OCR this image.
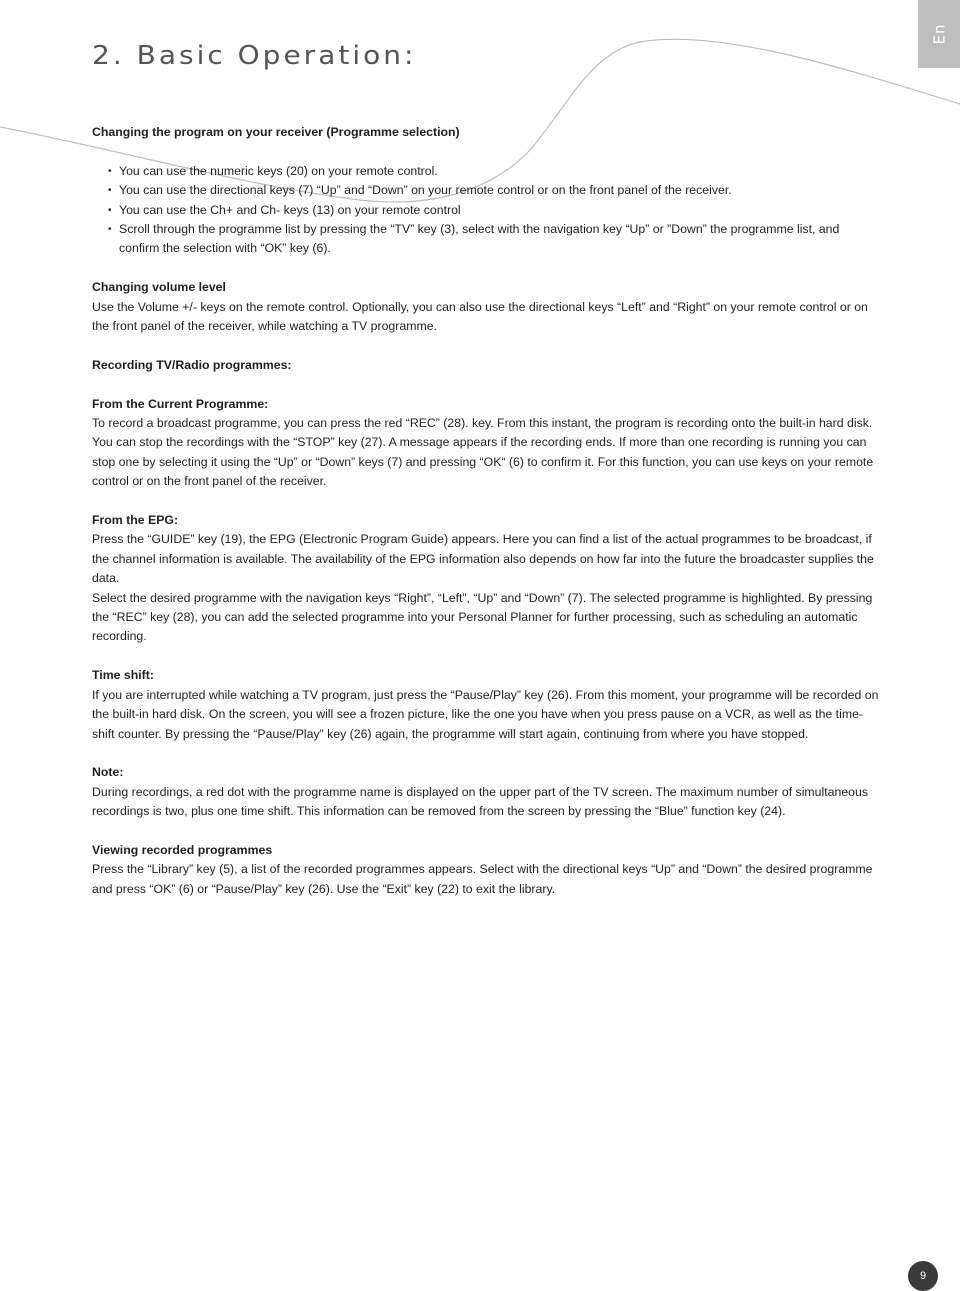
En
2. Basic Operation:

Changing the program on your receiver (Programme selection)

• You can use the numeric keys (20) on your remote control.
• You can use the directional keys (7) “Up” and “Down” on your remote control or on the front panel of the receiver.
• You can use the Ch+ and Ch- keys (13) on your remote control
• Scroll through the programme list by pressing the “TV” key (3), select with the navigation key “Up” or ”Down” the programme list, and confirm the selection with “OK” key (6).

Changing volume level

Use the Volume +/- keys on the remote control. Optionally, you can also use the directional keys “Left” and “Right” on your remote control or on the front panel of the receiver, while watching a TV programme.

Recording TV/Radio programmes:

From the Current Programme:

To record a broadcast programme, you can press the red “REC” (28). key. From this instant, the program is recording onto the built-in hard disk. You can stop the recordings with the “STOP” key (27). A message appears if the recording ends. If more than one recording is running you can stop one by selecting it using the “Up” or “Down” keys (7) and pressing “OK“ (6) to confirm it. For this function, you can use keys on your remote control or on the front panel of the receiver.

From the EPG:

Press the “GUIDE” key (19), the EPG (Electronic Program Guide) appears. Here you can find a list of the actual programmes to be broadcast, if the channel information is available. The availability of the EPG information also depends on how far into the future the broadcaster supplies the data.

Select the desired programme with the navigation keys “Right”, “Left”, “Up” and “Down” (7). The selected programme is highlighted. By pressing the “REC” key (28), you can add the selected programme into your Personal Planner for further processing, such as scheduling an automatic recording.

Time shift:

If you are interrupted while watching a TV program, just press the “Pause/Play” key (26). From this moment, your programme will be recorded on the built-in hard disk. On the screen, you will see a frozen picture, like the one you have when you press pause on a VCR, as well as the time-shift counter. By pressing the “Pause/Play” key (26) again, the programme will start again, continuing from where you have stopped.

Note:

During recordings, a red dot with the programme name is displayed on the upper part of the TV screen. The maximum number of simultaneous recordings is two, plus one time shift. This information can be removed from the screen by pressing the “Blue” function key (24).

Viewing recorded programmes

Press the “Library” key (5), a list of the recorded programmes appears. Select with the directional keys “Up” and “Down” the desired programme and press “OK” (6) or “Pause/Play” key (26). Use the “Exit” key (22) to exit the library.

9
